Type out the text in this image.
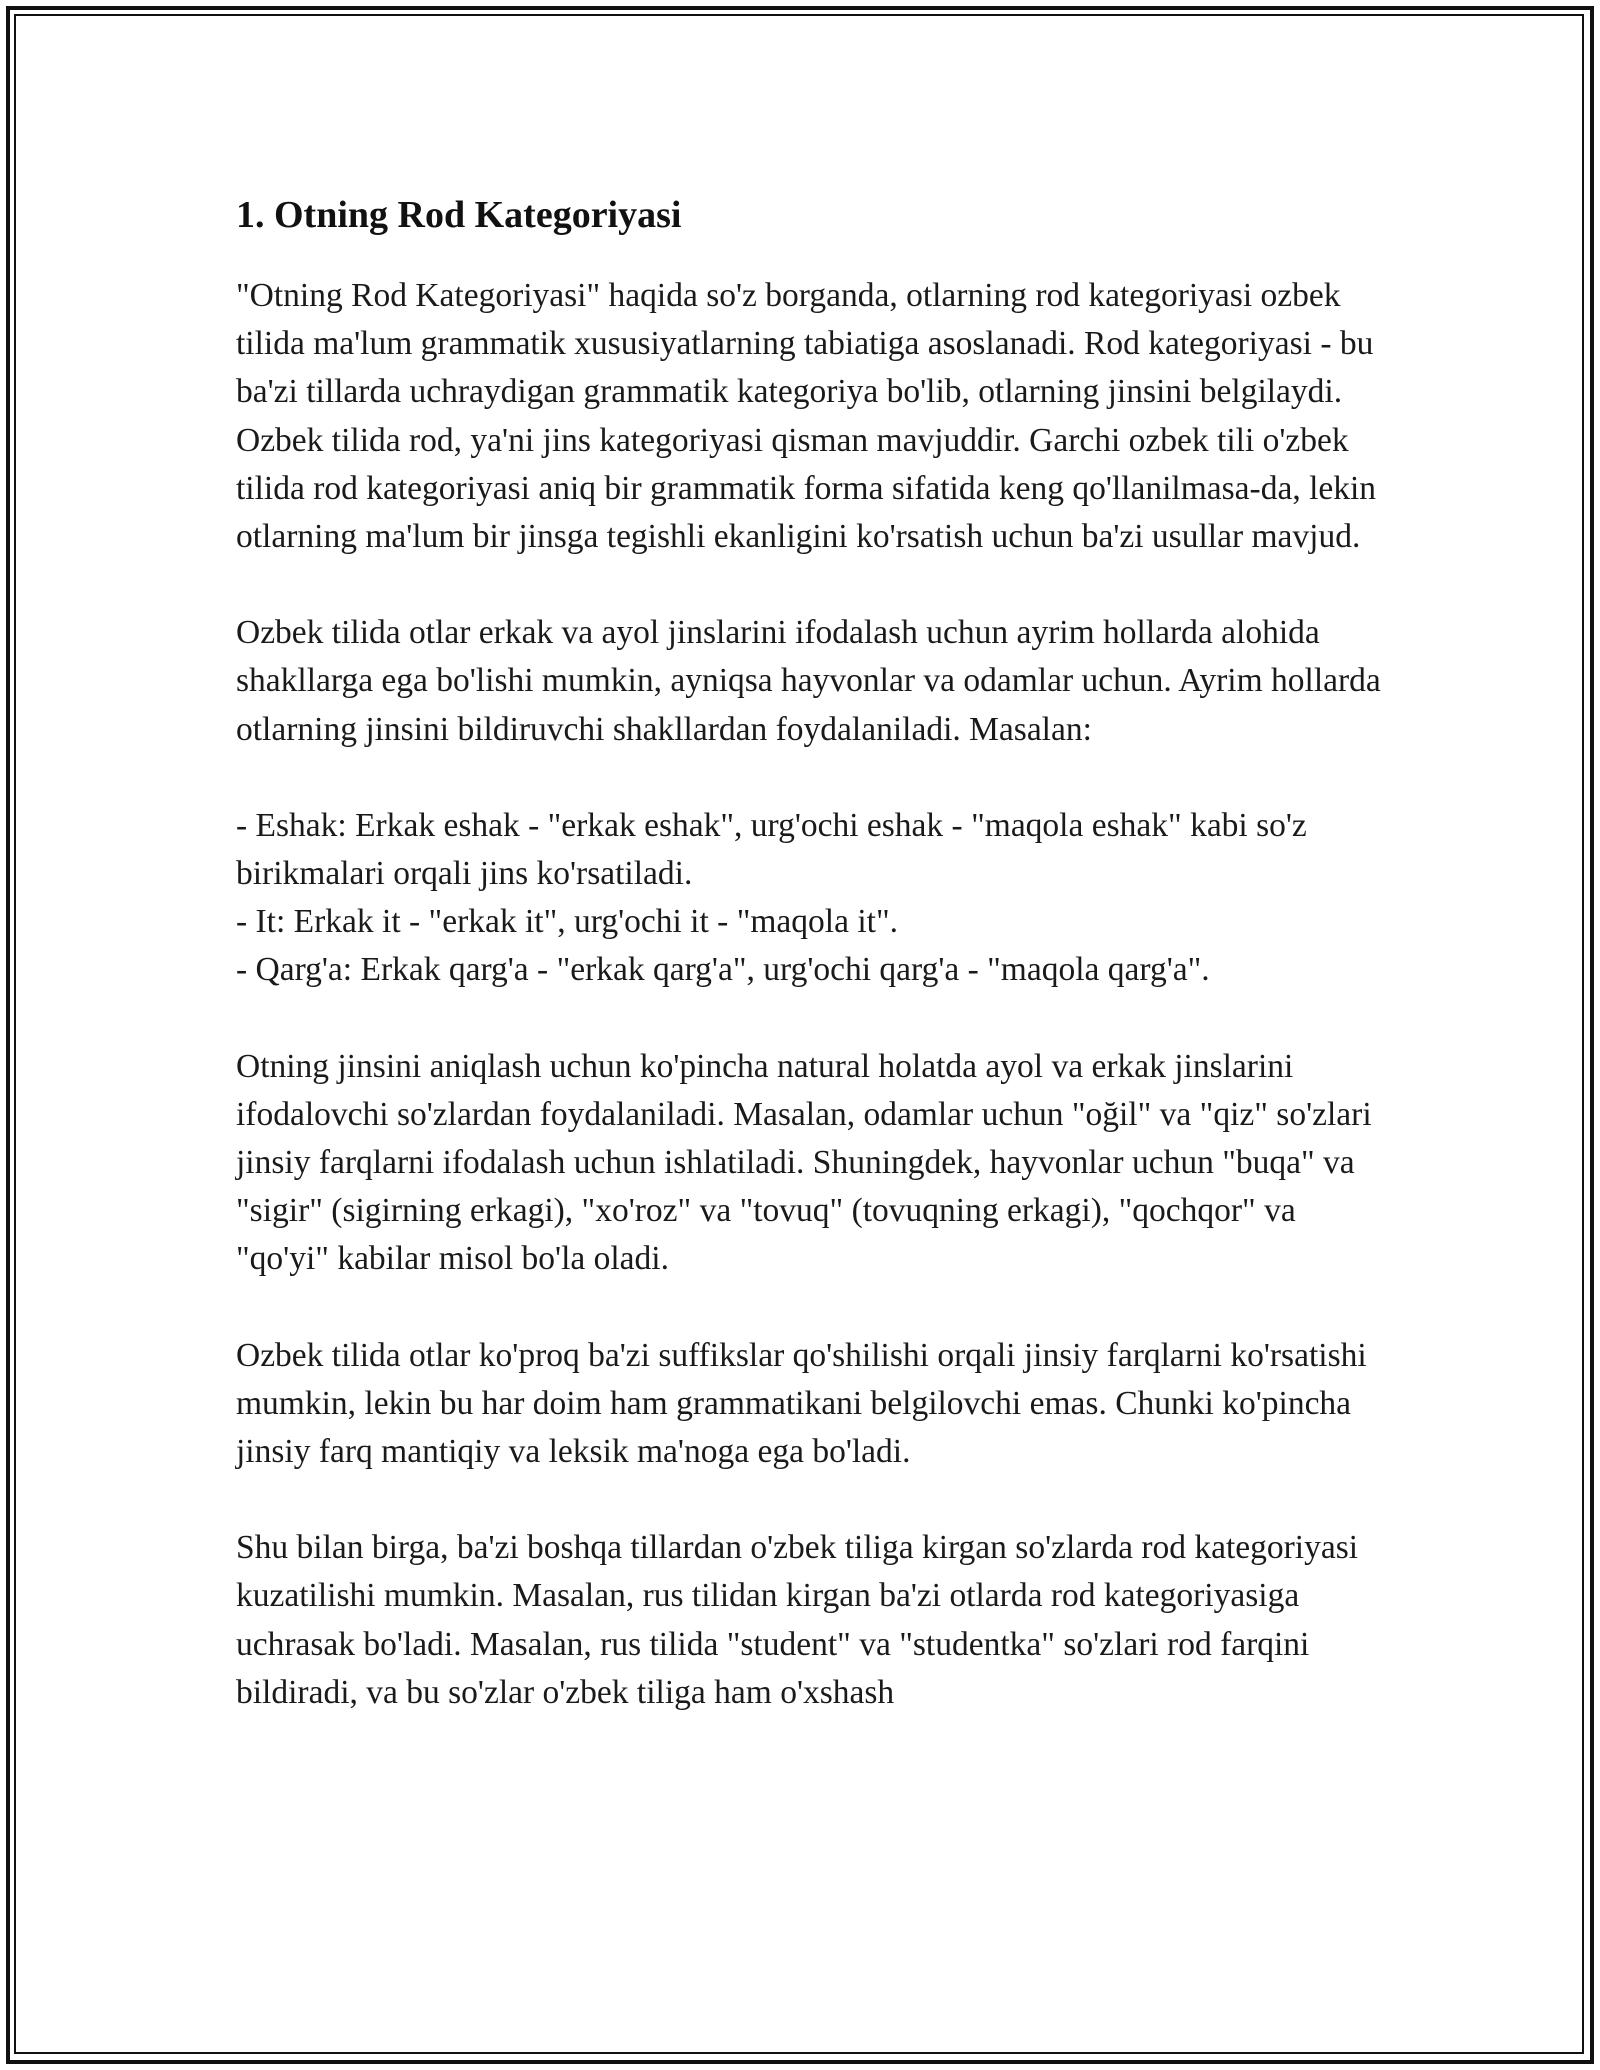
1. Otning Rod Kategoriyasi

"Otning Rod Kategoriyasi" haqida so'z borganda, otlarning rod kategoriyasi ozbek tilida ma'lum grammatik xususiyatlarning tabiatiga asoslanadi. Rod kategoriyasi - bu ba'zi tillarda uchraydigan grammatik kategoriya bo'lib, otlarning jinsini belgilaydi. Ozbek tilida rod, ya'ni jins kategoriyasi qisman mavjuddir. Garchi ozbek tili o'zbek tilida rod kategoriyasi aniq bir grammatik forma sifatida keng qo'llanilmasa-da, lekin otlarning ma'lum bir jinsga tegishli ekanligini ko'rsatish uchun ba'zi usullar mavjud.

Ozbek tilida otlar erkak va ayol jinslarini ifodalash uchun ayrim hollarda alohida shakllarga ega bo'lishi mumkin, ayniqsa hayvonlar va odamlar uchun. Ayrim hollarda otlarning jinsini bildiruvchi shakllardan foydalaniladi. Masalan:

- Eshak: Erkak eshak - "erkak eshak", urg'ochi eshak - "maqola eshak" kabi so'z birikmalari orqali jins ko'rsatiladi.
- It: Erkak it - "erkak it", urg'ochi it - "maqola it".
- Qarg'a: Erkak qarg'a - "erkak qarg'a", urg'ochi qarg'a - "maqola qarg'a".

Otning jinsini aniqlash uchun ko'pincha natural holatda ayol va erkak jinslarini ifodalovchi so'zlardan foydalaniladi. Masalan, odamlar uchun "oğil" va "qiz" so'zlari jinsiy farqlarni ifodalash uchun ishlatiladi. Shuningdek, hayvonlar uchun "buqa" va "sigir" (sigirning erkagi), "xo'roz" va "tovuq" (tovuqning erkagi), "qochqor" va "qo'yi" kabilar misol bo'la oladi.

Ozbek tilida otlar ko'proq ba'zi suffikslar qo'shilishi orqali jinsiy farqlarni ko'rsatishi mumkin, lekin bu har doim ham grammatikani belgilovchi emas. Chunki ko'pincha jinsiy farq mantiqiy va leksik ma'noga ega bo'ladi.

Shu bilan birga, ba'zi boshqa tillardan o'zbek tiliga kirgan so'zlarda rod kategoriyasi kuzatilishi mumkin. Masalan, rus tilidan kirgan ba'zi otlarda rod kategoriyasiga uchrasak bo'ladi. Masalan, rus tilida "student" va "studentka" so'zlari rod farqini bildiradi, va bu so'zlar o'zbek tiliga ham o'xshash
